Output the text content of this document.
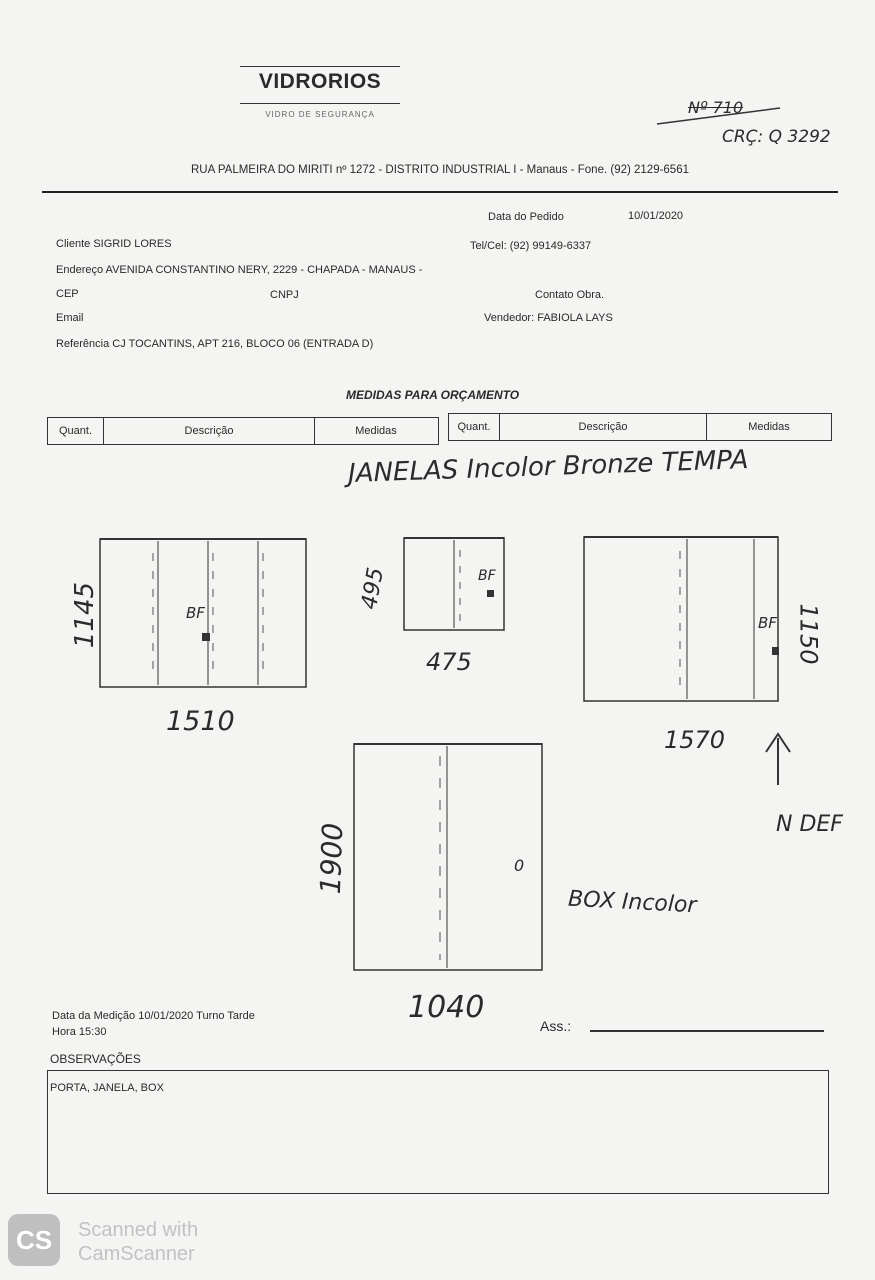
VIDRORIOS
VIDRO DE SEGURANÇA	Nº 710
CRÇ: Q 3292
RUA PALMEIRA DO MIRITI nº 1272 - DISTRITO INDUSTRIAL I - Manaus - Fone. (92) 2129-6561
Data do Pedido	10/01/2020
Cliente SIGRID LORES	Tel/Cel: (92) 99149-6337
Endereço AVENIDA CONSTANTINO NERY, 2229 - CHAPADA - MANAUS -
CEP	CNPJ	Contato Obra.
Email	Vendedor: FABIOLA LAYS
Referência CJ TOCANTINS, APT 216, BLOCO 06 (ENTRADA D)
MEDIDAS PARA ORÇAMENTO
Quant.	Descrição	Medidas	Quant.	Descrição	Medidas
JANELAS Incolor Bronze TEMPA
BF
1145
1510
BF
495
475
BF 1150
1570
N DEF
0
1900
1040
BOX Incolor
Data da Medição 10/01/2020 Turno Tarde
Hora 15:30	Ass.:
OBSERVAÇÕES
PORTA, JANELA, BOX
CS	Scanned with
CamScanner
